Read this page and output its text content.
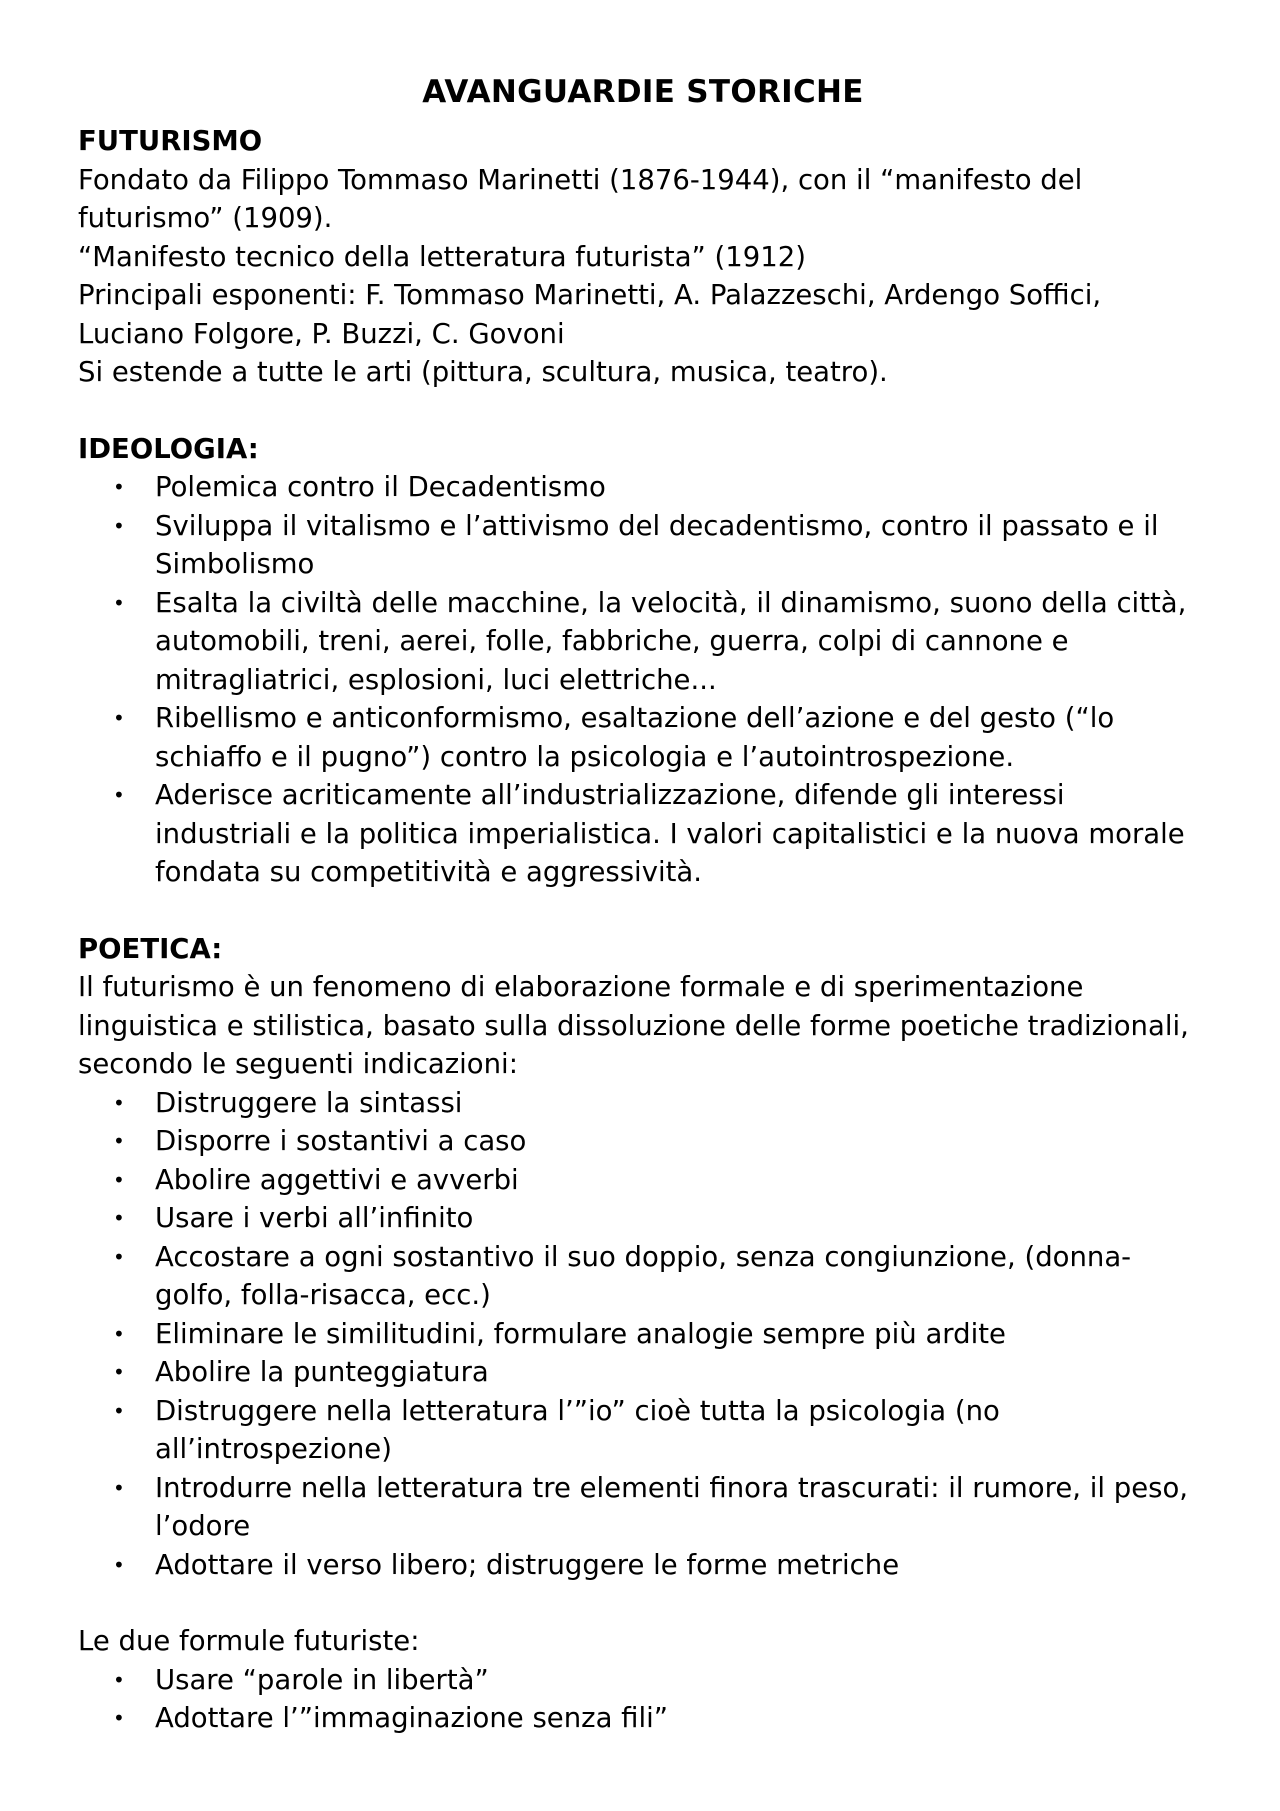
AVANGUARDIE STORICHE

FUTURISMO

Fondato da Filippo Tommaso Marinetti (1876-1944), con il “manifesto del futurismo” (1909).

“Manifesto tecnico della letteratura futurista” (1912)

Principali esponenti: F. Tommaso Marinetti, A. Palazzeschi, Ardengo Soffici, Luciano Folgore, P. Buzzi, C. Govoni

Si estende a tutte le arti (pittura, scultura, musica, teatro).

IDEOLOGIA:

• Polemica contro il Decadentismo
• Sviluppa il vitalismo e l’attivismo del decadentismo, contro il passato e il Simbolismo
• Esalta la civiltà delle macchine, la velocità, il dinamismo, suono della città, automobili, treni, aerei, folle, fabbriche, guerra, colpi di cannone e mitragliatrici, esplosioni, luci elettriche...
• Ribellismo e anticonformismo, esaltazione dell’azione e del gesto (“lo schiaffo e il pugno”) contro la psicologia e l’autointrospezione.
• Aderisce acriticamente all’industrializzazione, difende gli interessi industriali e la politica imperialistica. I valori capitalistici e la nuova morale fondata su competitività e aggressività.

POETICA:

Il futurismo è un fenomeno di elaborazione formale e di sperimentazione linguistica e stilistica, basato sulla dissoluzione delle forme poetiche tradizionali, secondo le seguenti indicazioni:

• Distruggere la sintassi
• Disporre i sostantivi a caso
• Abolire aggettivi e avverbi
• Usare i verbi all’infinito
• Accostare a ogni sostantivo il suo doppio, senza congiunzione, (donna-golfo, folla-risacca, ecc.)
• Eliminare le similitudini, formulare analogie sempre più ardite
• Abolire la punteggiatura
• Distruggere nella letteratura l’”io” cioè tutta la psicologia (no all’introspezione)
• Introdurre nella letteratura tre elementi finora trascurati: il rumore, il peso, l’odore
• Adottare il verso libero; distruggere le forme metriche

Le due formule futuriste:

• Usare “parole in libertà”
• Adottare l’”immaginazione senza fili”
